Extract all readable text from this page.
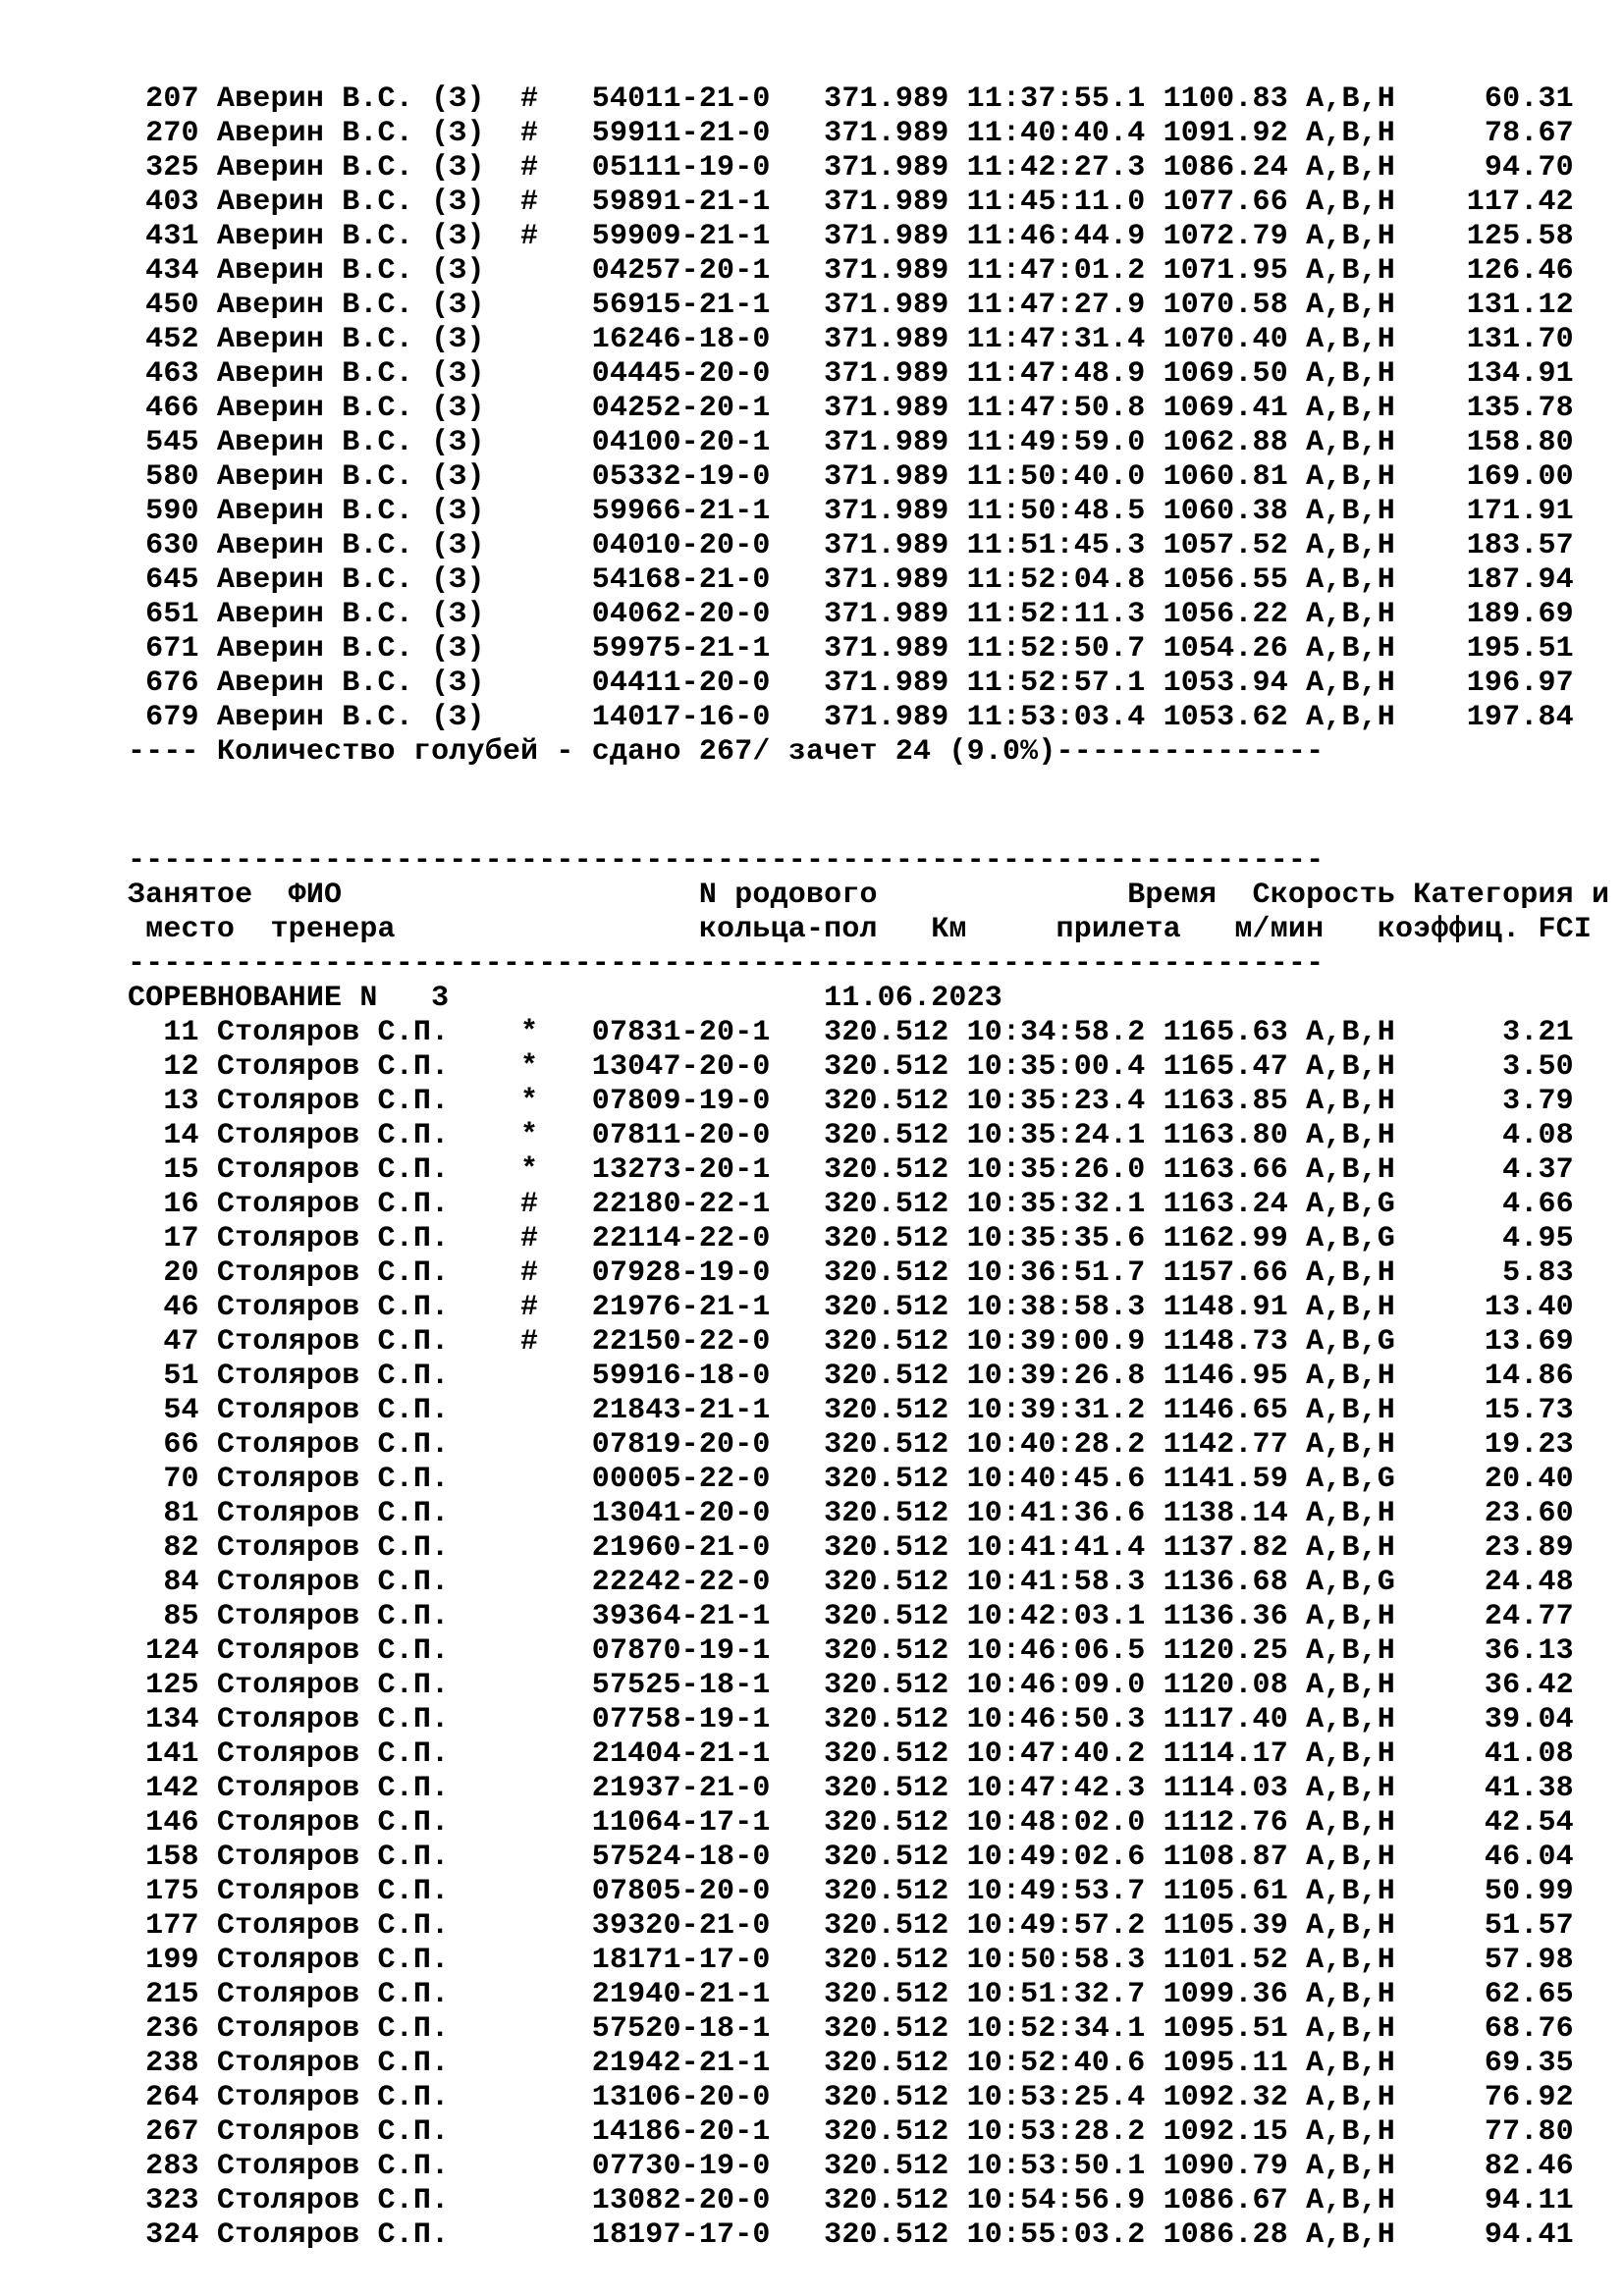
207 Аверин В.С. (З)  #   54011-21-0   371.989 11:37:55.1 1100.83 A,B,H     60.31
270 Аверин В.С. (З)  #   59911-21-0   371.989 11:40:40.4 1091.92 A,B,H     78.67
325 Аверин В.С. (З)  #   05111-19-0   371.989 11:42:27.3 1086.24 A,B,H     94.70
403 Аверин В.С. (З)  #   59891-21-1   371.989 11:45:11.0 1077.66 A,B,H    117.42
431 Аверин В.С. (З)  #   59909-21-1   371.989 11:46:44.9 1072.79 A,B,H    125.58
434 Аверин В.С. (З)      04257-20-1   371.989 11:47:01.2 1071.95 A,B,H    126.46
450 Аверин В.С. (З)      56915-21-1   371.989 11:47:27.9 1070.58 A,B,H    131.12
452 Аверин В.С. (З)      16246-18-0   371.989 11:47:31.4 1070.40 A,B,H    131.70
463 Аверин В.С. (З)      04445-20-0   371.989 11:47:48.9 1069.50 A,B,H    134.91
466 Аверин В.С. (З)      04252-20-1   371.989 11:47:50.8 1069.41 A,B,H    135.78
545 Аверин В.С. (З)      04100-20-1   371.989 11:49:59.0 1062.88 A,B,H    158.80
580 Аверин В.С. (З)      05332-19-0   371.989 11:50:40.0 1060.81 A,B,H    169.00
590 Аверин В.С. (З)      59966-21-1   371.989 11:50:48.5 1060.38 A,B,H    171.91
630 Аверин В.С. (З)      04010-20-0   371.989 11:51:45.3 1057.52 A,B,H    183.57
645 Аверин В.С. (З)      54168-21-0   371.989 11:52:04.8 1056.55 A,B,H    187.94
651 Аверин В.С. (З)      04062-20-0   371.989 11:52:11.3 1056.22 A,B,H    189.69
671 Аверин В.С. (З)      59975-21-1   371.989 11:52:50.7 1054.26 A,B,H    195.51
676 Аверин В.С. (З)      04411-20-0   371.989 11:52:57.1 1053.94 A,B,H    196.97
679 Аверин В.С. (З)      14017-16-0   371.989 11:53:03.4 1053.62 A,B,H    197.84
---- Количество голубей - сдано 267/ зачет 24 (9.0%)---------------
-------------------------------------------------------------------
Занятое  ФИО                    N родового              Время  Скорость Категория и
место  тренера                 кольца-пол   Км     прилета   м/мин   коэффиц. FCI
-------------------------------------------------------------------
СОРЕВНОВАНИЕ N   3                     11.06.2023
11 Столяров С.П.    *   07831-20-1   320.512 10:34:58.2 1165.63 A,B,H      3.21
12 Столяров С.П.    *   13047-20-0   320.512 10:35:00.4 1165.47 A,B,H      3.50
13 Столяров С.П.    *   07809-19-0   320.512 10:35:23.4 1163.85 A,B,H      3.79
14 Столяров С.П.    *   07811-20-0   320.512 10:35:24.1 1163.80 A,B,H      4.08
15 Столяров С.П.    *   13273-20-1   320.512 10:35:26.0 1163.66 A,B,H      4.37
16 Столяров С.П.    #   22180-22-1   320.512 10:35:32.1 1163.24 A,B,G      4.66
17 Столяров С.П.    #   22114-22-0   320.512 10:35:35.6 1162.99 A,B,G      4.95
20 Столяров С.П.    #   07928-19-0   320.512 10:36:51.7 1157.66 A,B,H      5.83
46 Столяров С.П.    #   21976-21-1   320.512 10:38:58.3 1148.91 A,B,H     13.40
47 Столяров С.П.    #   22150-22-0   320.512 10:39:00.9 1148.73 A,B,G     13.69
51 Столяров С.П.        59916-18-0   320.512 10:39:26.8 1146.95 A,B,H     14.86
54 Столяров С.П.        21843-21-1   320.512 10:39:31.2 1146.65 A,B,H     15.73
66 Столяров С.П.        07819-20-0   320.512 10:40:28.2 1142.77 A,B,H     19.23
70 Столяров С.П.        00005-22-0   320.512 10:40:45.6 1141.59 A,B,G     20.40
81 Столяров С.П.        13041-20-0   320.512 10:41:36.6 1138.14 A,B,H     23.60
82 Столяров С.П.        21960-21-0   320.512 10:41:41.4 1137.82 A,B,H     23.89
84 Столяров С.П.        22242-22-0   320.512 10:41:58.3 1136.68 A,B,G     24.48
85 Столяров С.П.        39364-21-1   320.512 10:42:03.1 1136.36 A,B,H     24.77
124 Столяров С.П.        07870-19-1   320.512 10:46:06.5 1120.25 A,B,H     36.13
125 Столяров С.П.        57525-18-1   320.512 10:46:09.0 1120.08 A,B,H     36.42
134 Столяров С.П.        07758-19-1   320.512 10:46:50.3 1117.40 A,B,H     39.04
141 Столяров С.П.        21404-21-1   320.512 10:47:40.2 1114.17 A,B,H     41.08
142 Столяров С.П.        21937-21-0   320.512 10:47:42.3 1114.03 A,B,H     41.38
146 Столяров С.П.        11064-17-1   320.512 10:48:02.0 1112.76 A,B,H     42.54
158 Столяров С.П.        57524-18-0   320.512 10:49:02.6 1108.87 A,B,H     46.04
175 Столяров С.П.        07805-20-0   320.512 10:49:53.7 1105.61 A,B,H     50.99
177 Столяров С.П.        39320-21-0   320.512 10:49:57.2 1105.39 A,B,H     51.57
199 Столяров С.П.        18171-17-0   320.512 10:50:58.3 1101.52 A,B,H     57.98
215 Столяров С.П.        21940-21-1   320.512 10:51:32.7 1099.36 A,B,H     62.65
236 Столяров С.П.        57520-18-1   320.512 10:52:34.1 1095.51 A,B,H     68.76
238 Столяров С.П.        21942-21-1   320.512 10:52:40.6 1095.11 A,B,H     69.35
264 Столяров С.П.        13106-20-0   320.512 10:53:25.4 1092.32 A,B,H     76.92
267 Столяров С.П.        14186-20-1   320.512 10:53:28.2 1092.15 A,B,H     77.80
283 Столяров С.П.        07730-19-0   320.512 10:53:50.1 1090.79 A,B,H     82.46
323 Столяров С.П.        13082-20-0   320.512 10:54:56.9 1086.67 A,B,H     94.11
324 Столяров С.П.        18197-17-0   320.512 10:55:03.2 1086.28 A,B,H     94.41
